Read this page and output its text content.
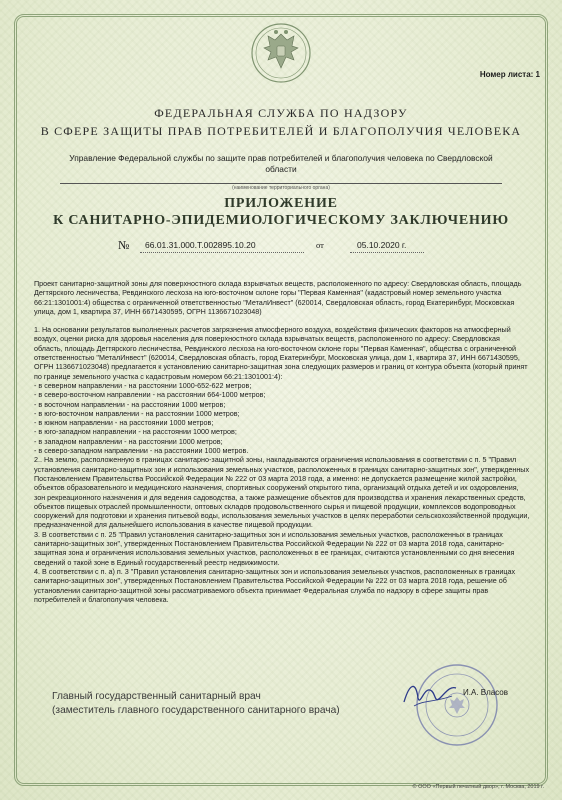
Номер листа: 1
ФЕДЕРАЛЬНАЯ СЛУЖБА ПО НАДЗОРУ
В СФЕРЕ ЗАЩИТЫ ПРАВ ПОТРЕБИТЕЛЕЙ И БЛАГОПОЛУЧИЯ ЧЕЛОВЕКА
Управление Федеральной службы по защите прав потребителей и благополучия человека по Свердловской области
(наименование территориального органа)
ПРИЛОЖЕНИЕ
К САНИТАРНО-ЭПИДЕМИОЛОГИЧЕСКОМУ ЗАКЛЮЧЕНИЮ
№ 66.01.31.000.Т.002895.10.20	от	05.10.2020 г.

Проект санитарно-защитной зоны для поверхностного склада взрывчатых веществ, расположенного по адресу: Свердловская область, площадь Дегтярского лесничества, Ревдинского лесхоза на юго-восточном склоне горы "Первая Каменная" (кадастровый номер земельного участка 66:21:1301001:4) общества с ограниченной ответственностью "МеталИнвест" (620014, Свердловская область, город Екатеринбург, Московская улица, дом 1, квартира 37, ИНН 6671430595, ОГРН 1136671023048)

1. На основании результатов выполненных расчетов загрязнения атмосферного воздуха, воздействия физических факторов на атмосферный воздух, оценки риска для здоровья населения для поверхностного склада взрывчатых веществ, расположенного по адресу: Свердловская область, площадь Дегтярского лесничества, Ревдинского лесхоза на юго-восточном склоне горы "Первая Каменная", общества с ограниченной ответственностью "МеталИнвест" (620014, Свердловская область, город Екатеринбург, Московская улица, дом 1, квартира 37, ИНН 6671430595, ОГРН 1136671023048) предлагается к установлению санитарно-защитная зона следующих размеров и границ от контура объекта (который принят по границе земельного участка с кадастровым номером 66:21:1301001:4):

- в северном направлении - на расстоянии 1000-652-622 метров;

- в северо-восточном направлении - на расстоянии 664-1000 метров;

- в восточном направлении - на расстоянии 1000 метров;

- в юго-восточном направлении - на расстоянии 1000 метров;

- в южном направлении - на расстоянии 1000 метров;

- в юго-западном направлении - на расстоянии 1000 метров;

- в западном направлении - на расстоянии 1000 метров;

- в северо-западном направлении - на расстоянии 1000 метров.

2.. На землю, расположенную в границах санитарно-защитной зоны, накладываются ограничения использования в соответствии с п. 5 "Правил установления санитарно-защитных зон и использования земельных участков, расположенных в границах санитарно-защитных зон", утвержденных Постановлением Правительства Российской Федерации № 222 от 03 марта 2018 года, а именно: не допускается размещение жилой застройки, объектов образовательного и медицинского назначения, спортивных сооружений открытого типа, организаций отдыха детей и их оздоровления, зон рекреационного назначения и для ведения садоводства, а также размещение объектов для производства и хранения лекарственных средств, объектов пищевых отраслей промышленности, оптовых складов продовольственного сырья и пищевой продукции, комплексов водопроводных сооружений для подготовки и хранения питьевой воды, использования земельных участков в целях переработки сельскохозяйственной продукции, предназначенной для дальнейшего использования в качестве пищевой продукции.

3. В соответствии с п. 25 "Правил установления санитарно-защитных зон и использования земельных участков, расположенных в границах санитарно-защитных зон", утвержденных Постановлением Правительства Российской Федерации № 222 от 03 марта 2018 года, санитарно-защитная зона и ограничения использования земельных участков, расположенных в ее границах, считаются установленными со дня внесения сведений о такой зоне в Единый государственный реестр недвижимости.

4. В соответствии с п. а) п. 3 "Правил установления санитарно-защитных зон и использования земельных участков, расположенных в границах санитарно-защитных зон", утвержденных Постановлением Правительства Российской Федерации № 222 от 03 марта 2018 года, решение об установлении санитарно-защитной зоны рассматриваемого объекта принимает Федеральная служба по надзору в сфере защиты прав потребителей и благополучия человека.

Главный государственный санитарный врач
(заместитель главного государственного санитарного врача)
И.А. Власов
© ООО «Первый печатный двор», г. Москва, 2019 г.
